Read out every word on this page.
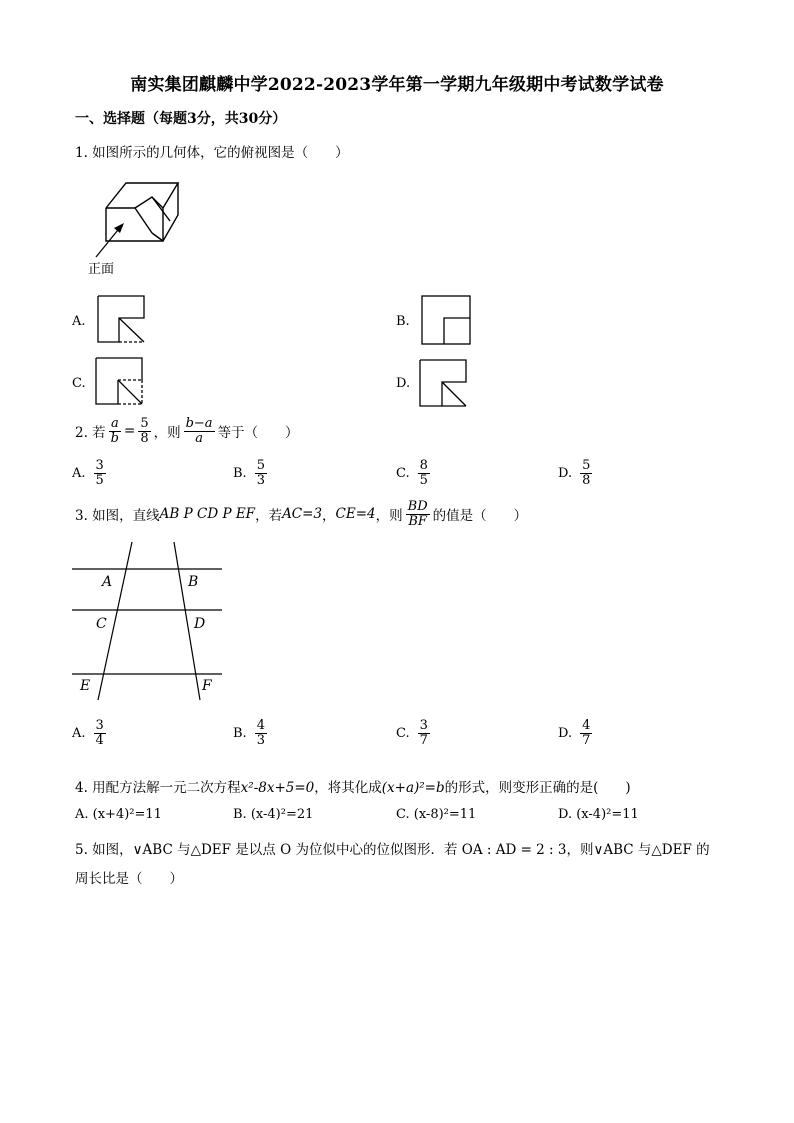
南实集团麒麟中学2022-2023学年第一学期九年级期中考试数学试卷
一、选择题（每题3分，共30分）
1. 如图所示的几何体，它的俯视图是（　　）
正面
A.	B.
C.	D.
2. 若 $\frac{a}{b} = \frac{5}{8}$ ，则 $\frac{b-a}{a}$ 等于（　　）
A. $\frac{3}{5}$	B. $\frac{5}{3}$	C. $\frac{8}{5}$	D. $\frac{5}{8}$
3. 如图，直线 AB P CD P EF ，若 AC=3 ， CE=4 ，则 $\frac{BD}{BF}$ 的值是（　　）
A	B
C	D
E	F
A. $\frac{3}{4}$	B. $\frac{4}{3}$	C. $\frac{3}{7}$	D. $\frac{4}{7}$
4. 用配方法解一元二次方程x²-8x+5=0，将其化成(x+a)²=b的形式，则变形正确的是(　　)
A. (x+4)²=11	B. (x-4)²=21	C. (x-8)²=11	D. (x-4)²=11
5. 如图，∨ABC 与△DEF 是以点 O 为位似中心的位似图形．若 OA : AD = 2 : 3，则∨ABC 与△DEF 的
周长比是（　　）
